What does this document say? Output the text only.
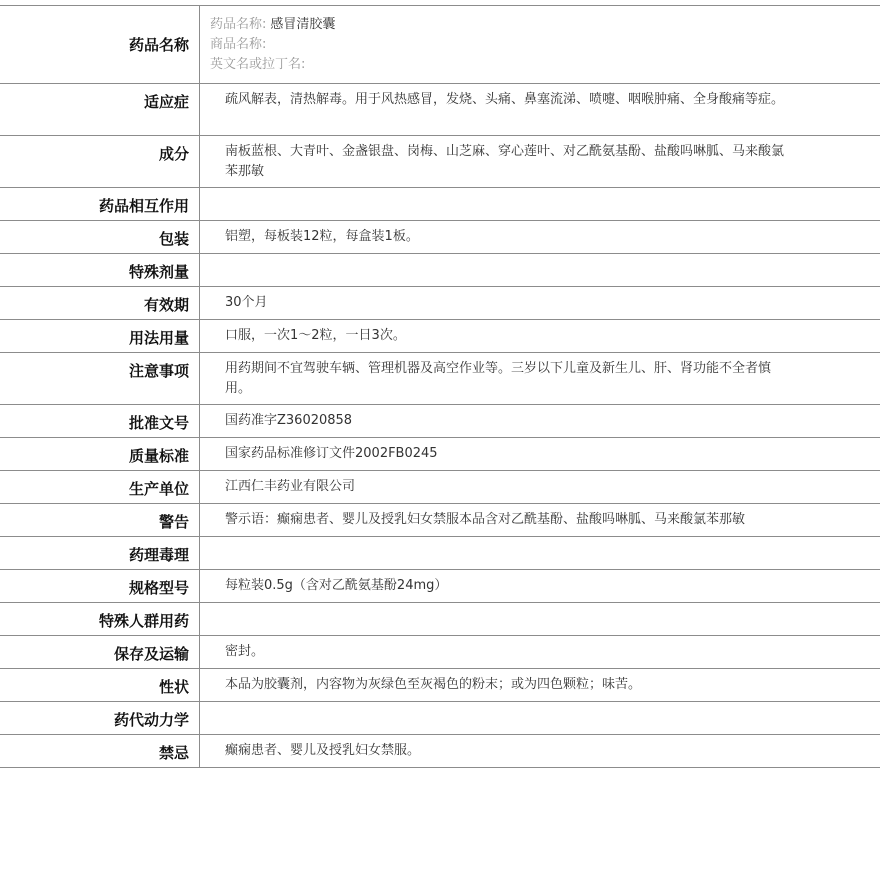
药品名称
药品名称: 感冒清胶囊
商品名称:
英文名或拉丁名:
适应症	疏风解表，清热解毒。用于风热感冒，发烧、头痛、鼻塞流涕、喷嚏、咽喉肿痛、全身酸痛等症。
成分	南板蓝根、大青叶、金盏银盘、岗梅、山芝麻、穿心莲叶、对乙酰氨基酚、盐酸吗啉胍、马来酸氯苯那敏
药品相互作用
包装	铝塑，每板装12粒，每盒装1板。
特殊剂量
有效期	30个月
用法用量	口服，一次1～2粒，一日3次。
注意事项	用药期间不宜驾驶车辆、管理机器及高空作业等。三岁以下儿童及新生儿、肝、肾功能不全者慎用。
批准文号	国药准字Z36020858
质量标准	国家药品标准修订文件2002FB0245
生产单位	江西仁丰药业有限公司
警告	警示语：癫痫患者、婴儿及授乳妇女禁服本品含对乙酰基酚、盐酸吗啉胍、马来酸氯苯那敏
药理毒理
规格型号	每粒装0.5g（含对乙酰氨基酚24mg）
特殊人群用药
保存及运输	密封。
性状	本品为胶囊剂，内容物为灰绿色至灰褐色的粉末；或为四色颗粒；味苦。
药代动力学
禁忌	癫痫患者、婴儿及授乳妇女禁服。
